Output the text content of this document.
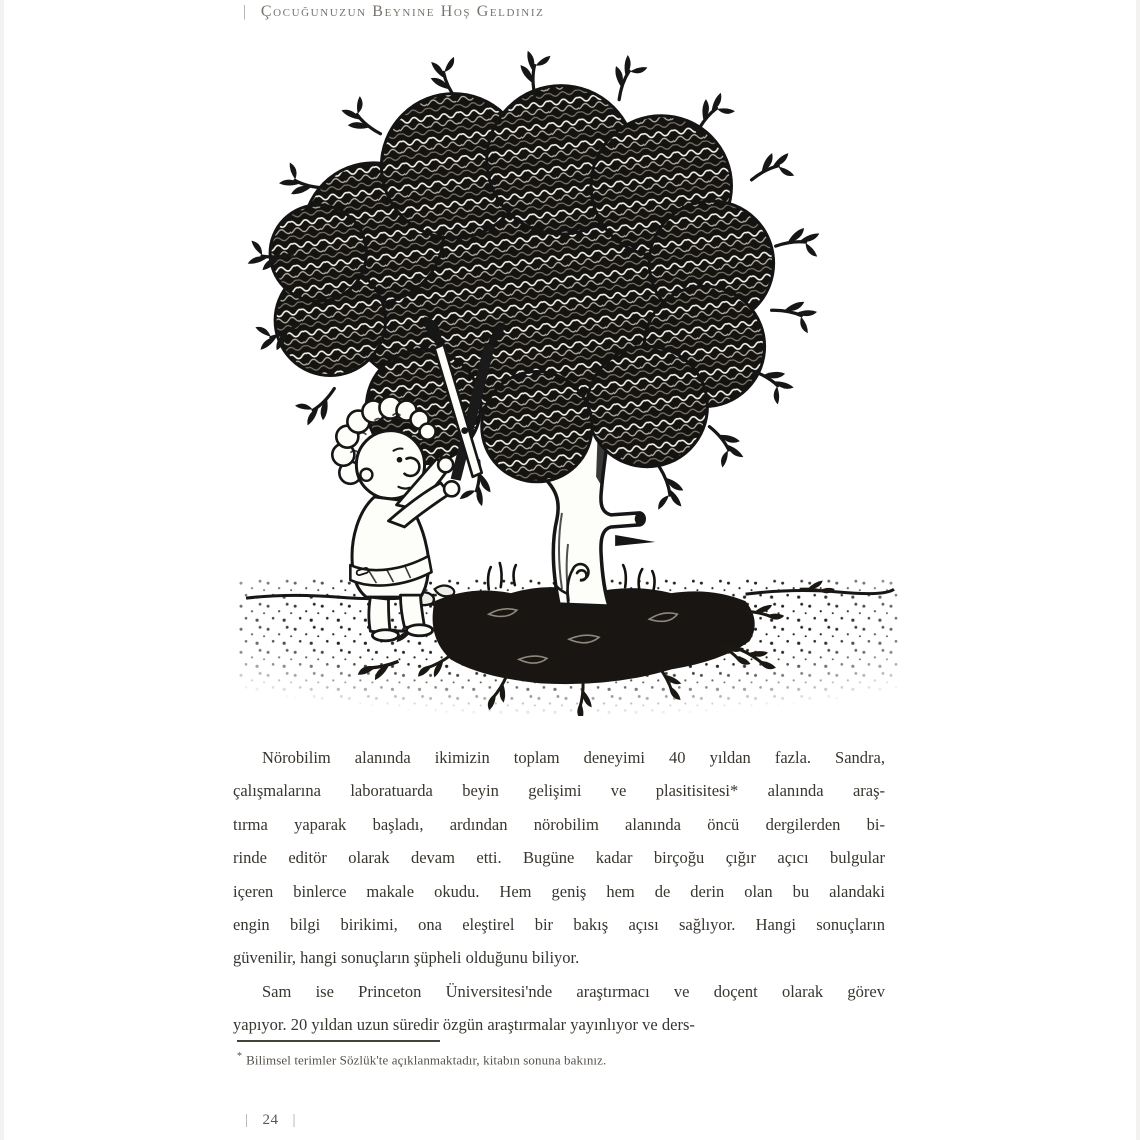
| Çocuğunuzun Beynine Hoş Geldiniz
Nörobilim alanında ikimizin toplam deneyimi 40 yıldan fazla. Sandra,
çalışmalarına laboratuarda beyin gelişimi ve plasitisitesi* alanında araş-
tırma yaparak başladı, ardından nörobilim alanında öncü dergilerden bi-
rinde editör olarak devam etti. Bugüne kadar birçoğu çığır açıcı bulgular
içeren binlerce makale okudu. Hem geniş hem de derin olan bu alandaki
engin bilgi birikimi, ona eleştirel bir bakış açısı sağlıyor. Hangi sonuçların
güvenilir, hangi sonuçların şüpheli olduğunu biliyor.
Sam ise Princeton Üniversitesi'nde araştırmacı ve doçent olarak görev
yapıyor. 20 yıldan uzun süredir özgün araştırmalar yayınlıyor ve ders-
* Bilimsel terimler Sözlük'te açıklanmaktadır, kitabın sonuna bakınız.
| 24 |
